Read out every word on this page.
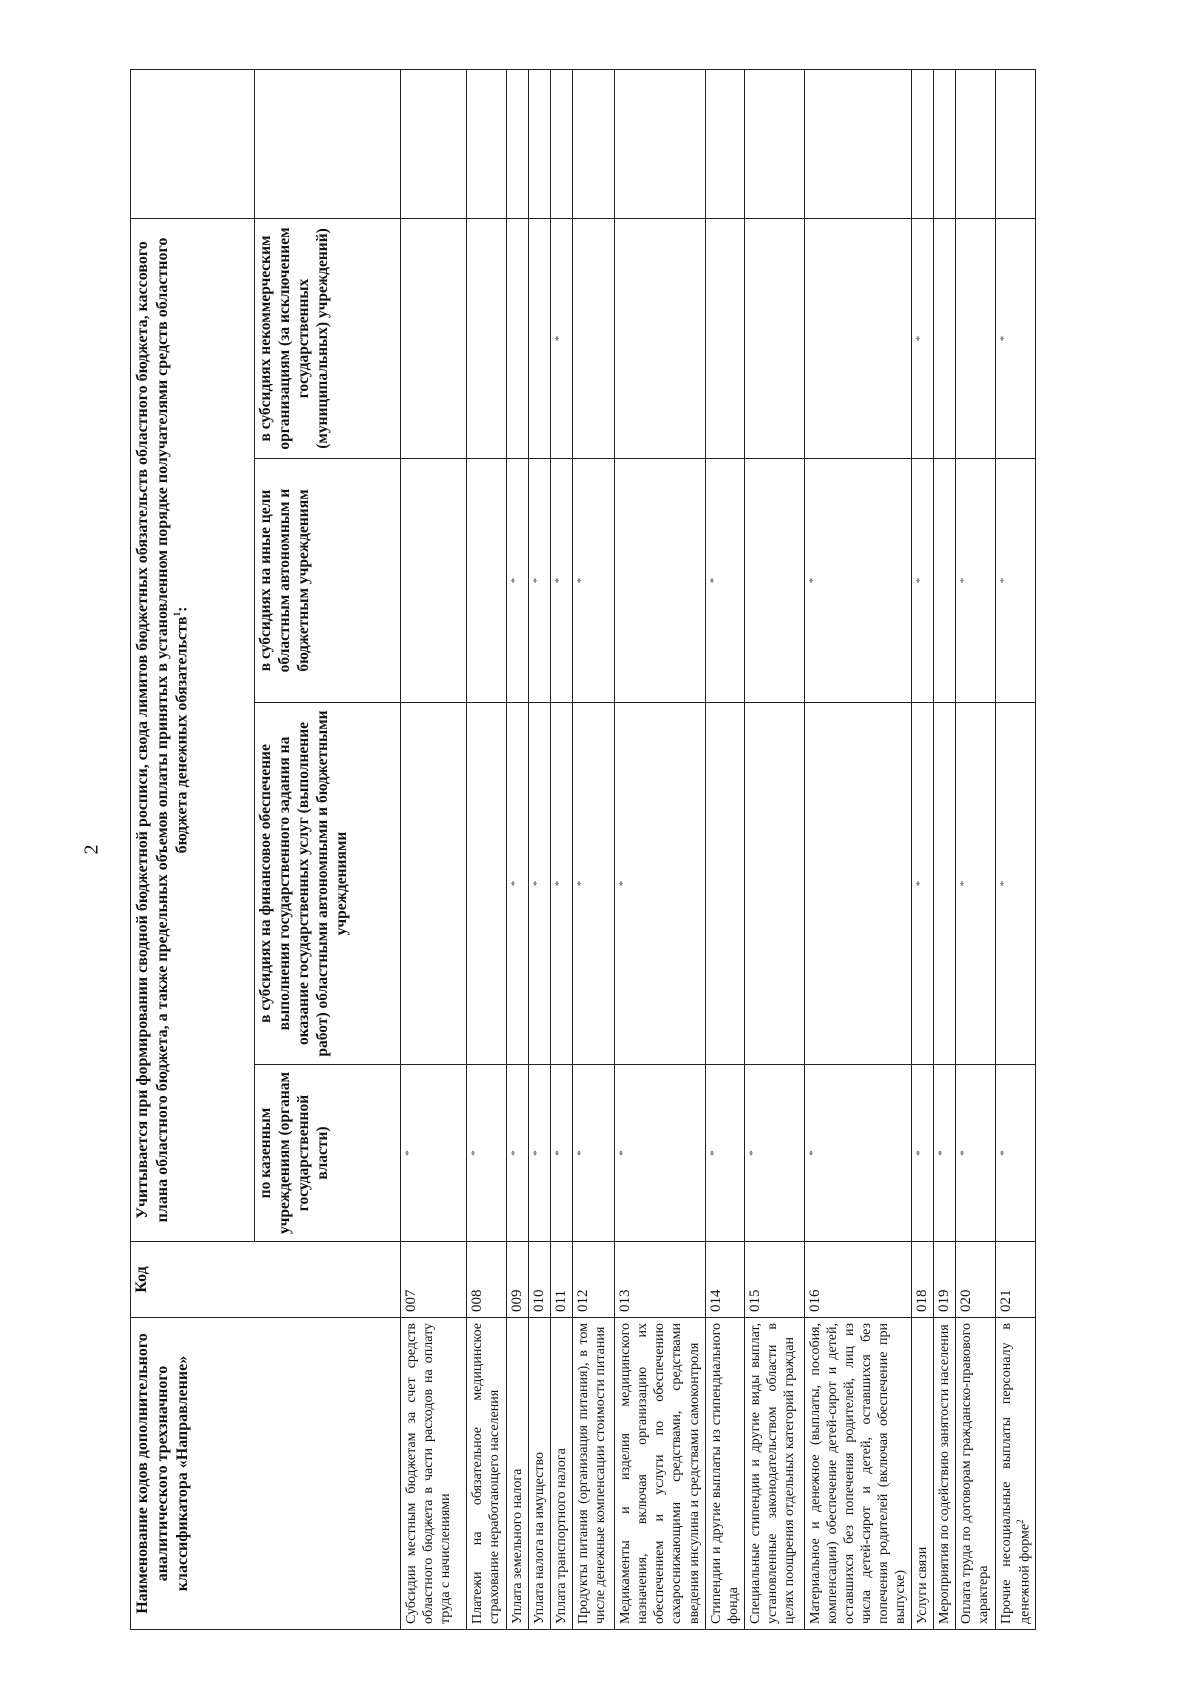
2
Наименование кодов дополнительного аналитического трехзначного классификатора «Направление»	Код	Учитывается при формировании сводной бюджетной росписи, свода лимитов бюджетных обязательств областного бюджета, кассового плана областного бюджета, а также предельных объемов оплаты принятых в установленном порядке получателями средств областного бюджета денежных обязательств$^1$:				
		по казенным учреждениям (органам государственной власти)	в субсидиях на финансовое обеспечение выполнения государственного задания на оказание государственных услуг (выполнение работ) областными автономными и бюджетными учреждениями	в субсидиях на иные цели областным автономным и бюджетным учреждениям	в субсидиях некоммерческим организациям (за исключением государственных (муниципальных) учреждений)	
Субсидии местным бюджетам за счет средств областного бюджета в части расходов на оплату труда с начислениями	007	*				
Платежи на обязательное медицинское страхование неработающего населения	008	*				
Уплата земельного налога	009	*	*	*		
Уплата налога на имущество	010	*	*	*		
Уплата транспортного налога	011	*	*	*	*	
Продукты питания (организация питания), в том числе денежные компенсации стоимости питания	012	*	*	*		
Медикаменты и изделия медицинского назначения, включая организацию их обеспечением и услуги по обеспечению сахароснижающими средствами, средствами введения инсулина и средствами самоконтроля	013	*	*			
Стипендии и другие выплаты из стипендиального фонда	014	*		*		
Специальные стипендии и другие виды выплат, установленные законодательством области в целях поощрения отдельных категорий граждан	015	*				
Материальное и денежное (выплаты, пособия, компенсации) обеспечение детей-сирот и детей, оставшихся без попечения родителей, лиц из числа детей-сирот и детей, оставшихся без попечения родителей (включая обеспечение при выпуске)	016	*		*		
Услуги связи	018	*	*	*	*	
Мероприятия по содействию занятости населения	019	*				
Оплата труда по договорам гражданско-правового характера	020	*	*	*		
Прочие несоциальные выплаты персоналу в денежной форме$^2$	021	*	*	*	*	
